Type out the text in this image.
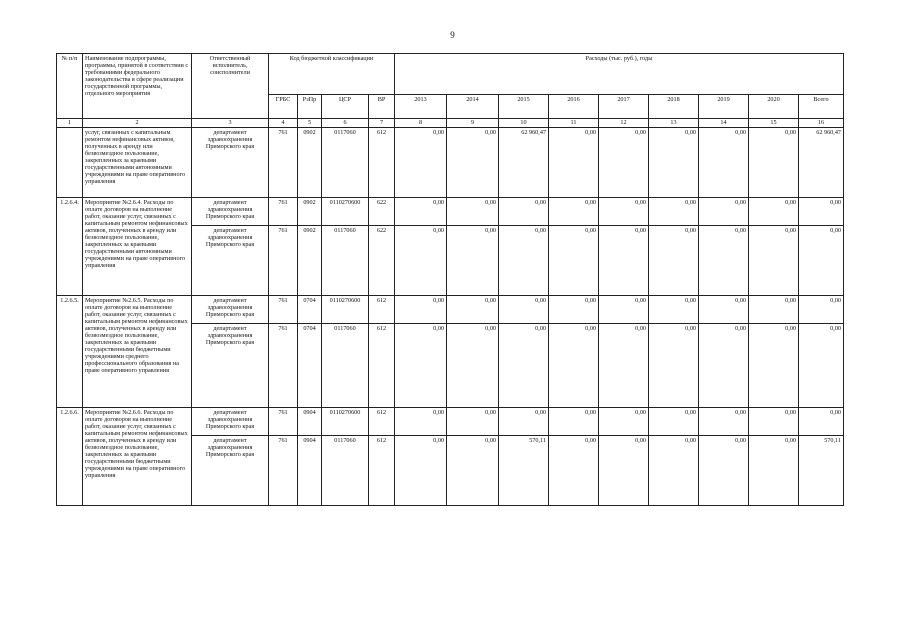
9
№ п/п	Наименование подпрограммы, программы, принятой в соответствии с требованиями федерального законодательства в сфере реализации государственной программы, отдельного мероприятия	Ответственный исполнитель, соисполнители	Код бюджетной классификации				Расходы (тыс. руб.), годы								
			ГРБС	РзПр	ЦСР	ВР	2013	2014	2015	2016	2017	2018	2019	2020	Всего
1	2	3	4	5	6	7	8	9	10	11	12	13	14	15	16
	услуг, связанных с капитальным ремонтом нефинансовых активов, полученных в аренду или безвозмездное пользование, закрепленных за краевыми государственными автономными учреждениями на праве оперативного управления	департамент здравоохранения Приморского края	761	0902	0117060	612	0,00	0,00	62 960,47	0,00	0,00	0,00	0,00	0,00	62 960,47
1.2.6.4.	Мероприятие №2.6.4. Расходы по оплате договоров на выполнение работ, оказание услуг, связанных с капитальным ремонтом нефинансовых активов, полученных в аренду или безвозмездное пользование, закрепленных за краевыми государственными автономными учреждениями на праве оперативного управления	департамент здравоохранения Приморского края	761	0902	0110270600	622	0,00	0,00	0,00	0,00	0,00	0,00	0,00	0,00	0,00
		департамент здравоохранения Приморского края	761	0902	0117060	622	0,00	0,00	0,00	0,00	0,00	0,00	0,00	0,00	0,00
1.2.6.5.	Мероприятие №2.6.5. Расходы по оплате договоров на выполнение работ, оказание услуг, связанных с капитальным ремонтом нефинансовых активов, полученных в аренду или безвозмездное пользование, закрепленных за краевыми государственными бюджетными учреждениями среднего профессионального образования на праве оперативного управления	департамент здравоохранения Приморского края	761	0704	0110270600	612	0,00	0,00	0,00	0,00	0,00	0,00	0,00	0,00	0,00
		департамент здравоохранения Приморского края	761	0704	0117060	612	0,00	0,00	0,00	0,00	0,00	0,00	0,00	0,00	0,00
1.2.6.6.	Мероприятие №2.6.6. Расходы по оплате договоров на выполнение работ, оказание услуг, связанных с капитальным ремонтом нефинансовых активов, полученных в аренду или безвозмездное пользование, закрепленных за краевыми государственными бюджетными учреждениями на праве оперативного управления	департамент здравоохранения Приморского края	761	0904	0110270600	612	0,00	0,00	0,00	0,00	0,00	0,00	0,00	0,00	0,00
		департамент здравоохранения Приморского края	761	0904	0117060	612	0,00	0,00	570,11	0,00	0,00	0,00	0,00	0,00	570,11
